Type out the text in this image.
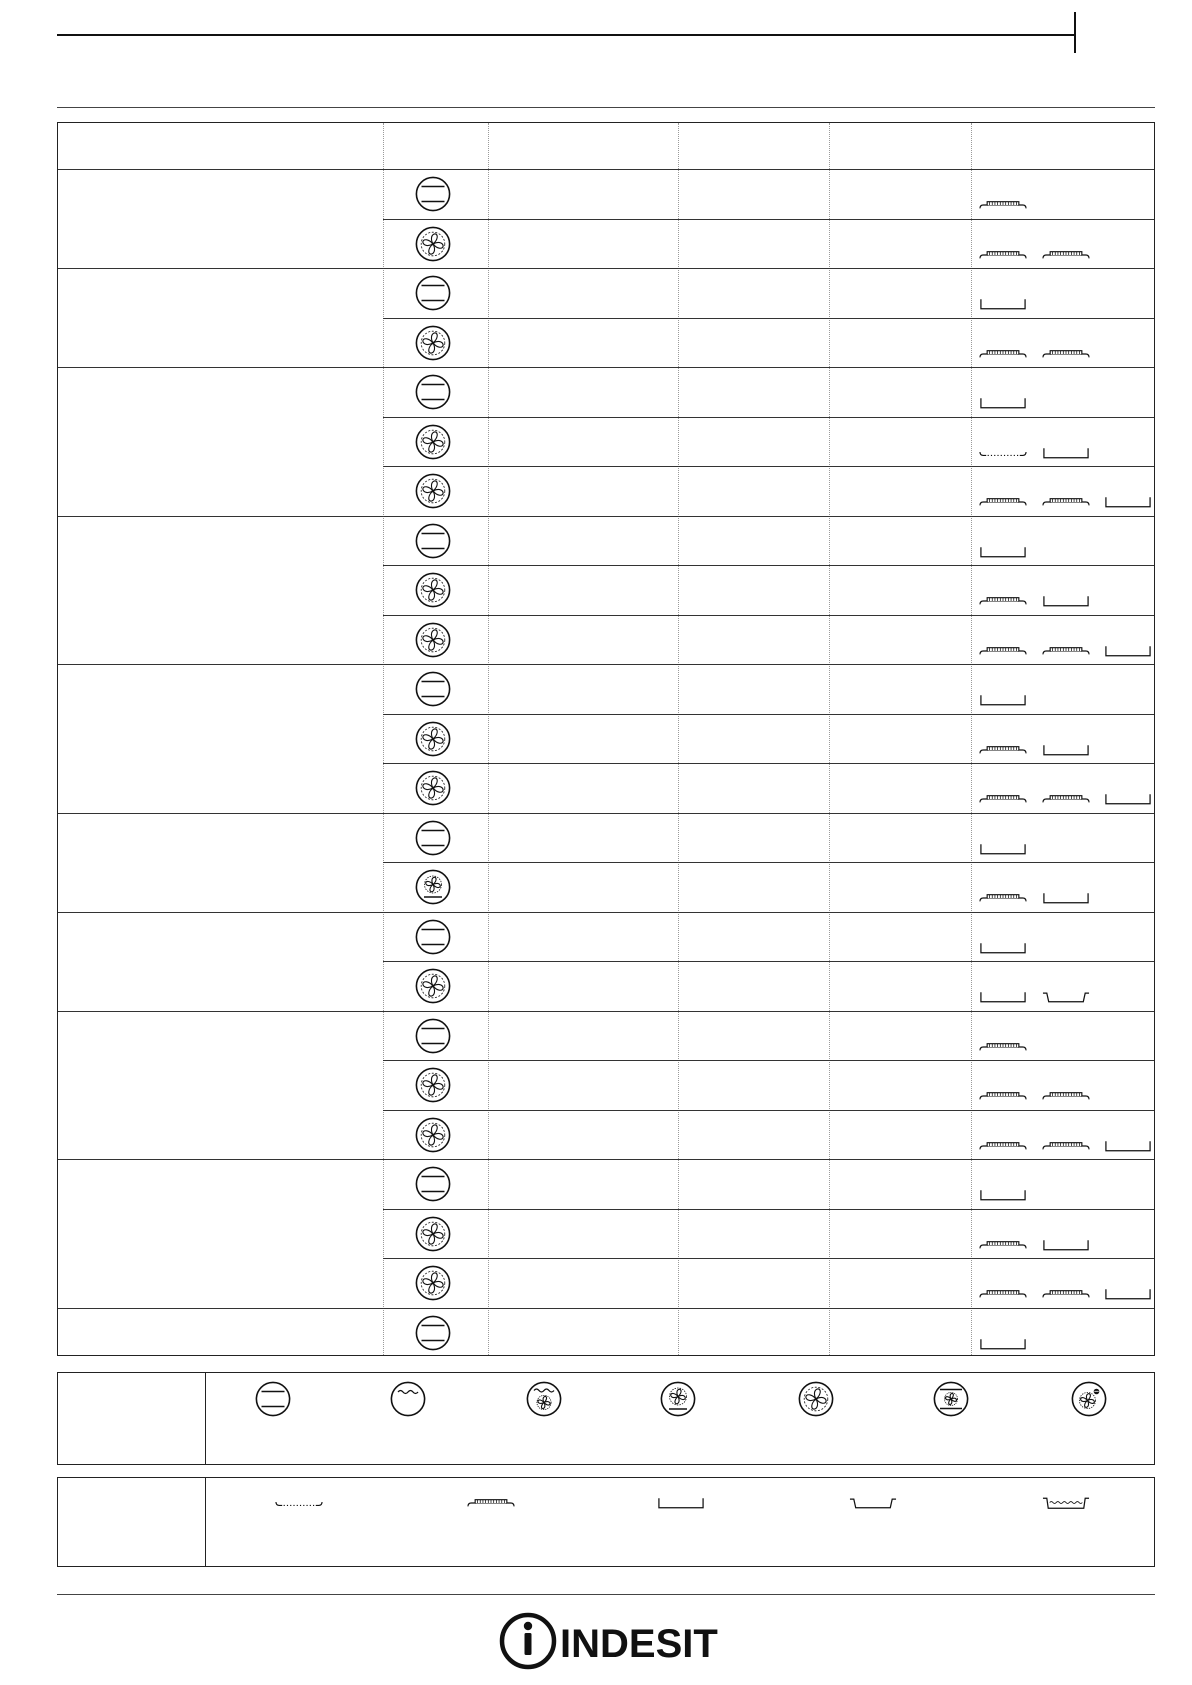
INDESIT
